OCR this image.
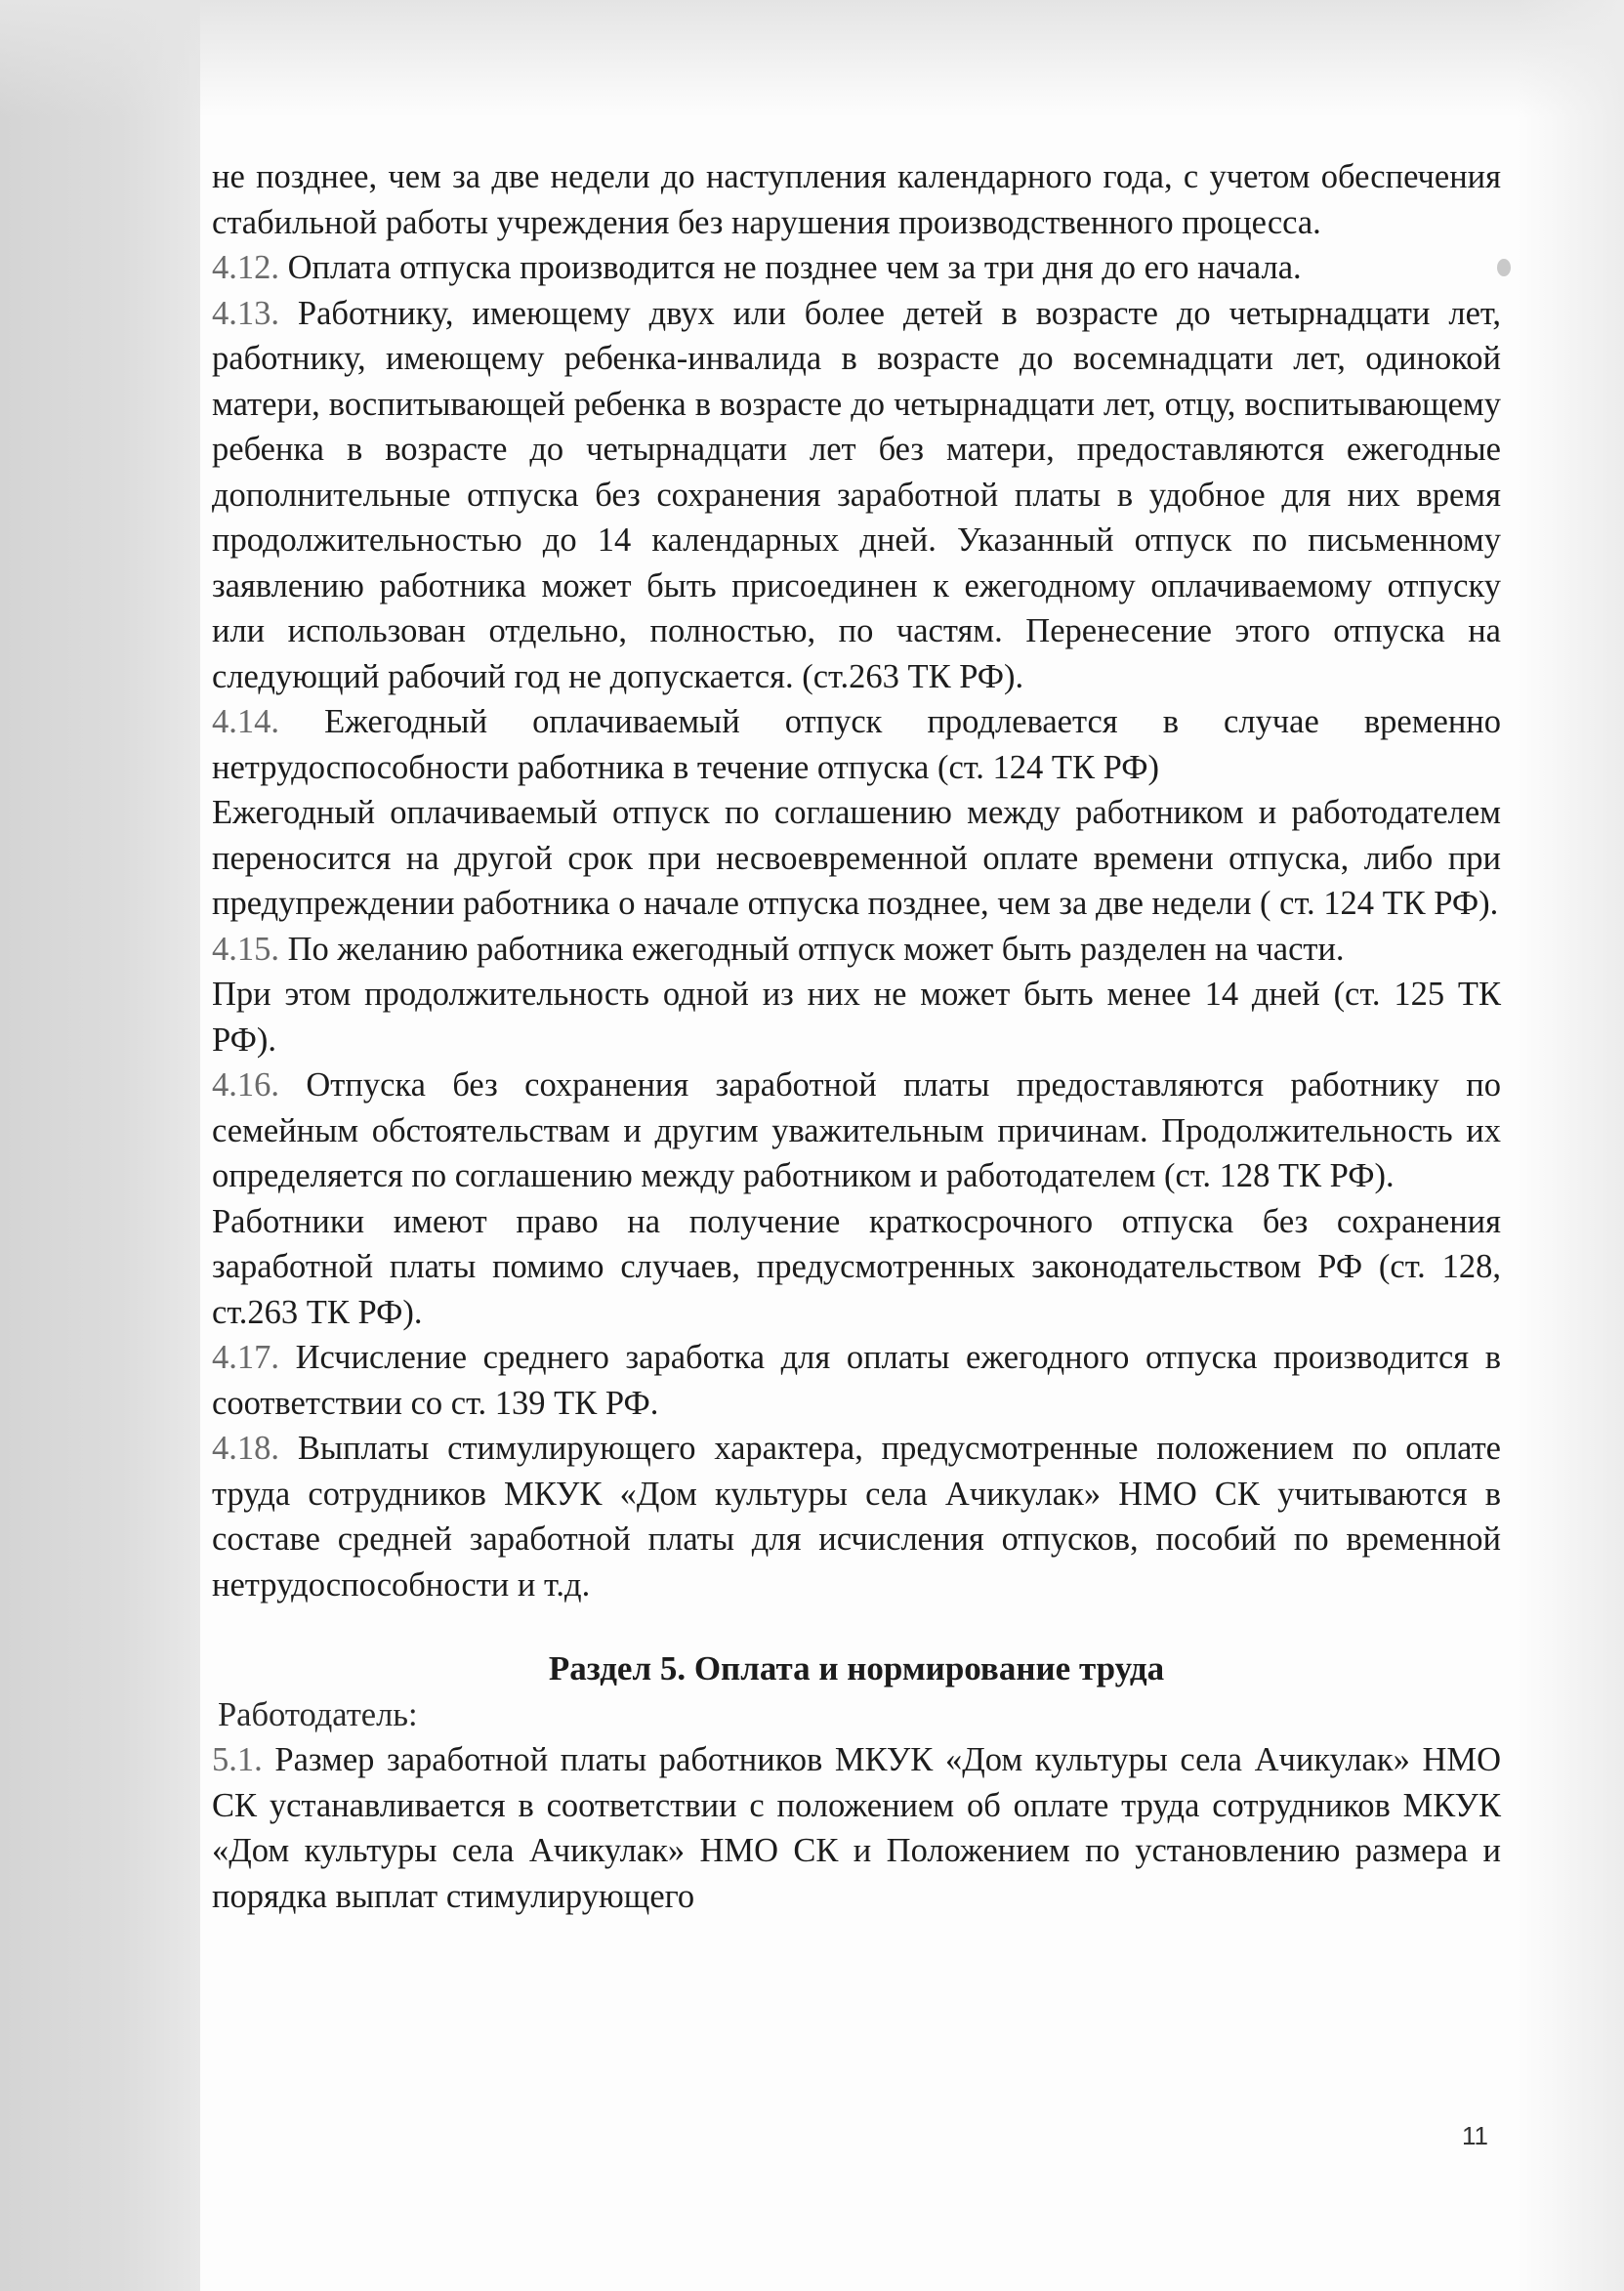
не позднее, чем за две недели до наступления календарного года, с учетом обеспечения стабильной работы учреждения без нарушения производственного процесса.

4.12. Оплата отпуска производится не позднее чем за три дня до его начала.

4.13. Работнику, имеющему двух или более детей в возрасте до четырнадцати лет, работнику, имеющему ребенка-инвалида в возрасте до восемнадцати лет, одинокой матери, воспитывающей ребенка в возрасте до четырнадцати лет, отцу, воспитывающему ребенка в возрасте до четырнадцати лет без матери, предоставляются ежегодные дополнительные отпуска без сохранения заработной платы в удобное для них время продолжительностью до 14 календарных дней. Указанный отпуск по письменному заявлению работника может быть присоединен к ежегодному оплачиваемому отпуску или использован отдельно, полностью, по частям. Перенесение этого отпуска на следующий рабочий год не допускается. (ст.263 ТК РФ).

4.14. Ежегодный оплачиваемый отпуск продлевается в случае временно нетрудоспособности работника в течение отпуска (ст. 124 ТК РФ)

Ежегодный оплачиваемый отпуск по соглашению между работником и работодателем переносится на другой срок при несвоевременной оплате времени отпуска, либо при предупреждении работника о начале отпуска позднее, чем за две недели ( ст. 124 ТК РФ).

4.15. По желанию работника ежегодный отпуск может быть разделен на части.

При этом продолжительность одной из них не может быть менее 14 дней (ст. 125 ТК РФ).

4.16. Отпуска без сохранения заработной платы предоставляются работнику по семейным обстоятельствам и другим уважительным причинам. Продолжительность их определяется по соглашению между работником и работодателем (ст. 128 ТК РФ).

Работники имеют право на получение краткосрочного отпуска без сохранения заработной платы помимо случаев, предусмотренных законодательством РФ (ст. 128, ст.263 ТК РФ).

4.17. Исчисление среднего заработка для оплаты ежегодного отпуска производится в соответствии со ст. 139 ТК РФ.

4.18. Выплаты стимулирующего характера, предусмотренные положением по оплате труда сотрудников МКУК «Дом культуры села Ачикулак» НМО СК учитываются в составе средней заработной платы для исчисления отпусков, пособий по временной нетрудоспособности и т.д.

Раздел 5. Оплата и нормирование труда

Работодатель:

5.1. Размер заработной платы работников МКУК «Дом культуры села Ачикулак» НМО СК устанавливается в соответствии с положением об оплате труда сотрудников МКУК «Дом культуры села Ачикулак» НМО СК и Положением по установлению размера и порядка выплат стимулирующего

11
